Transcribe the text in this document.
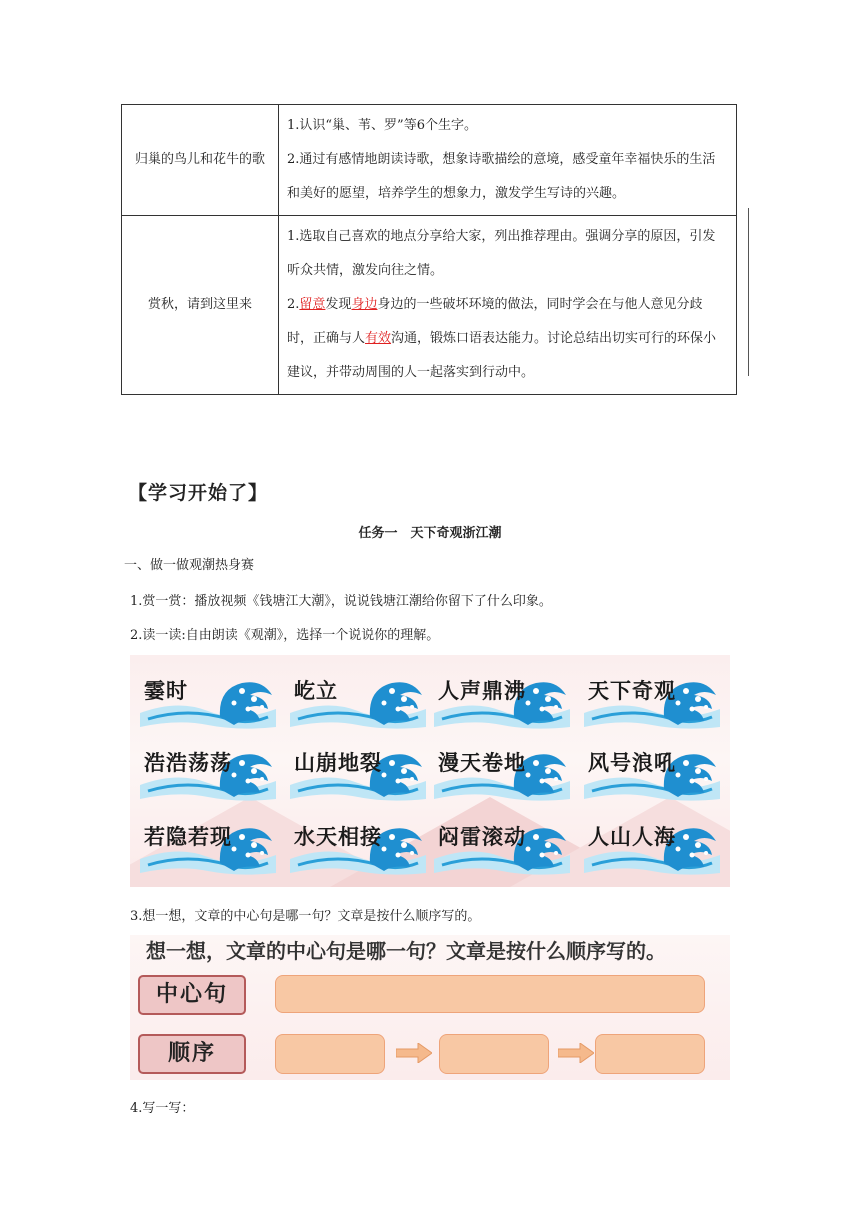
归巢的鸟儿和花牛的歌	1.认识“巢、苇、罗”等6个生字。

2.通过有感情地朗读诗歌，想象诗歌描绘的意境，感受童年幸福快乐的生活和美好的愿望，培养学生的想象力，激发学生写诗的兴趣。

赏秋，请到这里来	1.选取自己喜欢的地点分享给大家，列出推荐理由。强调分享的原因，引发听众共情，激发向往之情。

2.留意发现身边身边的一些破坏环境的做法，同时学会在与他人意见分歧时，正确与人有效沟通，锻炼口语表达能力。讨论总结出切实可行的环保小建议，并带动周围的人一起落实到行动中。

【学习开始了】
任务一　天下奇观浙江潮
一、做一做观潮热身赛
1.赏一赏：播放视频《钱塘江大潮》，说说钱塘江潮给你留下了什么印象。
2.读一读:自由朗读《观潮》，选择一个说说你的理解。
霎时	屹立	人声鼎沸	天下奇观
浩浩荡荡	山崩地裂	漫天卷地	风号浪吼
若隐若现	水天相接	闷雷滚动	人山人海
3.想一想，文章的中心句是哪一句？文章是按什么顺序写的。
想一想，文章的中心句是哪一句？文章是按什么顺序写的。
中心句
顺序
4.写一写：
